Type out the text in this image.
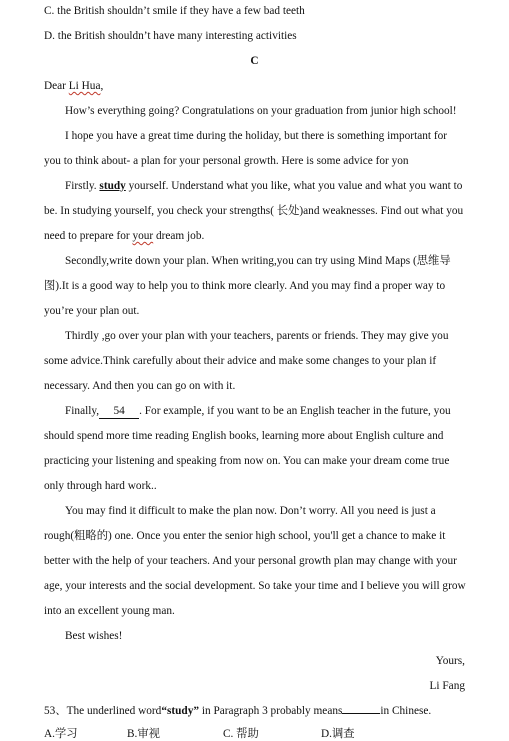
C. the British shouldn’t smile if they have a few bad teeth
D. the British shouldn’t have many interesting activities
C
Dear Li Hua,
How’s everything going? Congratulations on your graduation from junior high school!
I hope you have a great time during the holiday, but there is something important for
you to think about- a plan for your personal growth. Here is some advice for yon
Firstly. study yourself. Understand what you like, what you value and what you want to
be. In studying yourself, you check your strengths( 长处)and weaknesses. Find out what you
need to prepare for your dream job.
Secondly,write down your plan. When writing,you can try using Mind Maps (思维导
图).It is a good way to help you to think more clearly. And you may find a proper way to
you’re your plan out.
Thirdly ,go over your plan with your teachers, parents or friends. They may give you
some advice.Think carefully about their advice and make some changes to your plan if
necessary. And then you can go on with it.
Finally, 54 . For example, if you want to be an English teacher in the future, you
should spend more time reading English books, learning more about English culture and
practicing your listening and speaking from now on. You can make your dream come true
only through hard work..
You may find it difficult to make the plan now. Don’t worry. All you need is just a
rough(粗略的) one. Once you enter the senior high school, you'll get a chance to make it
better with the help of your teachers. And your personal growth plan may change with your
age, your interests and the social development. So take your time and I believe you will grow
into an excellent young man.
Best wishes!
Yours,
Li Fang
53、The underlined word“study” in Paragraph 3 probably means	in Chinese.
A.学习	B.审视	C. 帮助	D.调查
